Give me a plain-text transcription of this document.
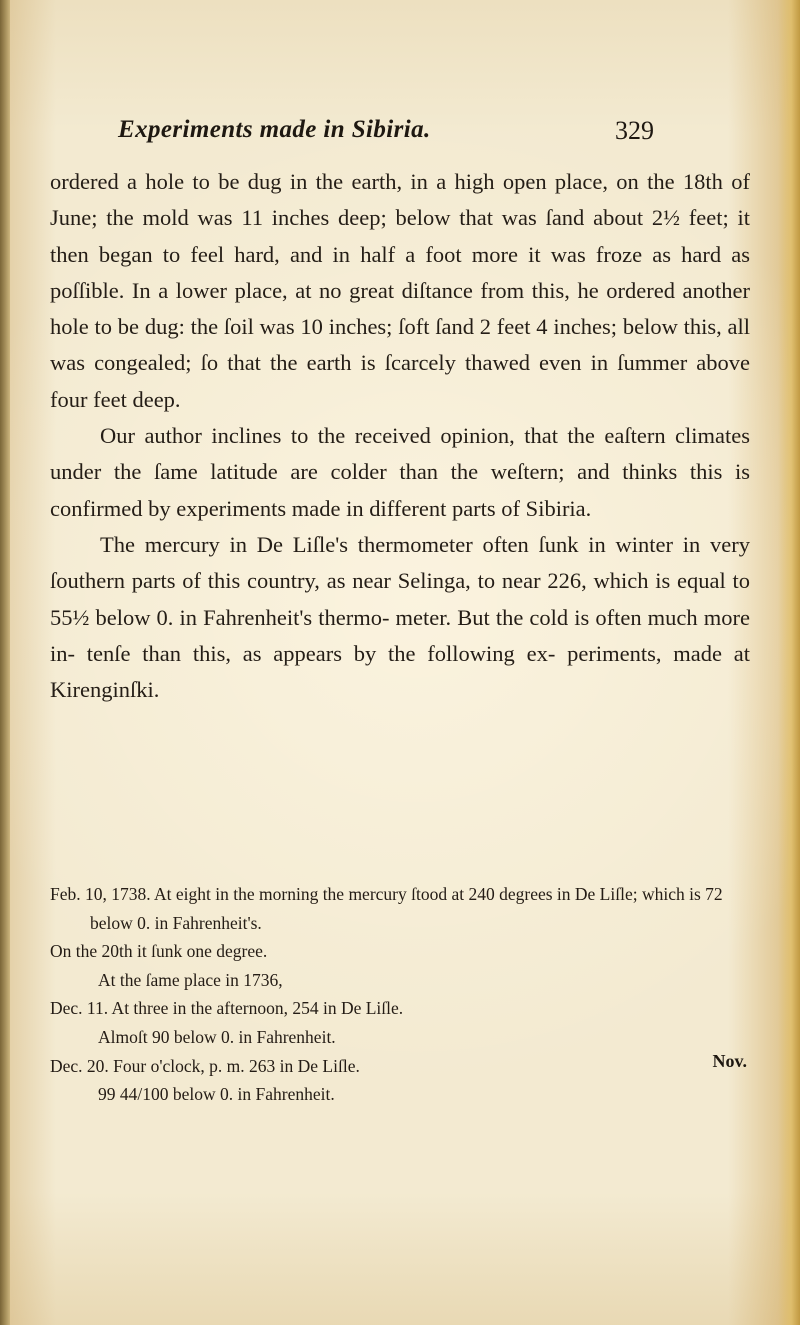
Experiments made in Sibiria.	329

ordered a hole to be dug in the earth, in a high open place, on the 18th of June; the mold was 11 inches deep; below that was ſand about 2½ feet; it then began to feel hard, and in half a foot more it was froze as hard as poſſible. In a lower place, at no great diſtance from this, he ordered another hole to be dug: the ſoil was 10 inches; ſoft ſand 2 feet 4 inches; below this, all was congealed; ſo that the earth is ſcarcely thawed even in ſummer above four feet deep.

Our author inclines to the received opinion, that the eaſtern climates under the ſame latitude are colder than the weſtern; and thinks this is confirmed by experiments made in different parts of Sibiria.

The mercury in De Liſle's thermometer often ſunk in winter in very ſouthern parts of this country, as near Selinga, to near 226, which is equal to 55½ below 0. in Fahrenheit's thermo- meter. But the cold is often much more in- tenſe than this, as appears by the following ex- periments, made at Kirenginſki.

Feb. 10, 1738. At eight in the morning the mercury ſtood at 240 degrees in De Liſle; which is 72 below 0. in Fahrenheit's.

On the 20th it ſunk one degree.

At the ſame place in 1736,

Dec. 11. At three in the afternoon, 254 in De Liſle.

Almoſt 90 below 0. in Fahrenheit.

Dec. 20. Four o'clock, p. m. 263 in De Liſle.

99 44/100 below 0. in Fahrenheit.

Nov.
